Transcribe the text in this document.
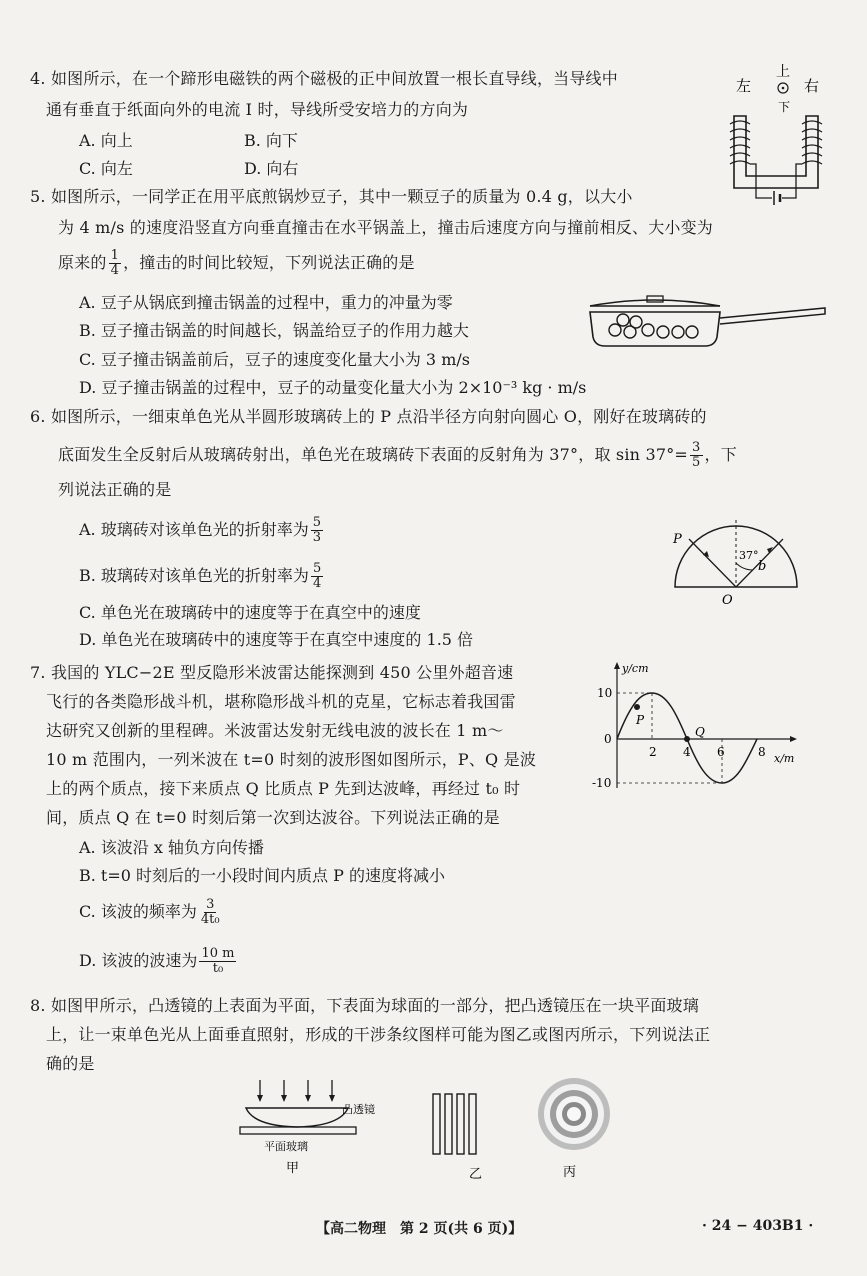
4. 如图所示，在一个蹄形电磁铁的两个磁极的正中间放置一根长直导线，当导线中
通有垂直于纸面向外的电流 I 时，导线所受安培力的方向为
A. 向上	B. 向下
C. 向左	D. 向右
左
上
下
右
5. 如图所示，一同学正在用平底煎锅炒豆子，其中一颗豆子的质量为 0.4 g，以大小
为 4 m/s 的速度沿竖直方向垂直撞击在水平锅盖上，撞击后速度方向与撞前相反、大小变为
原来的 $\frac{1}{4}$ ，撞击的时间比较短，下列说法正确的是
A. 豆子从锅底到撞击锅盖的过程中，重力的冲量为零
B. 豆子撞击锅盖的时间越长，锅盖给豆子的作用力越大
C. 豆子撞击锅盖前后，豆子的速度变化量大小为 3 m/s
D. 豆子撞击锅盖的过程中，豆子的动量变化量大小为 2×10⁻³ kg · m/s
6. 如图所示，一细束单色光从半圆形玻璃砖上的 P 点沿半径方向射向圆心 O，刚好在玻璃砖的
底面发生全反射后从玻璃砖射出，单色光在玻璃砖下表面的反射角为 37°，取 $\sin 37^\circ= \frac{3}{5}$ ，下
列说法正确的是
A. 玻璃砖对该单色光的折射率为 $\frac{5}{3}$
B. 玻璃砖对该单色光的折射率为 $\frac{5}{4}$
C. 单色光在玻璃砖中的速度等于在真空中的速度
D. 单色光在玻璃砖中的速度等于在真空中速度的 1.5 倍
37°
P
b
O
7. 我国的 YLC−2E 型反隐形米波雷达能探测到 450 公里外超音速
飞行的各类隐形战斗机，堪称隐形战斗机的克星，它标志着我国雷
达研究又创新的里程碑。米波雷达发射无线电波的波长在 1 m～
10 m 范围内，一列米波在 t=0 时刻的波形图如图所示，P、Q 是波
上的两个质点，接下来质点 Q 比质点 P 先到达波峰，再经过 t₀ 时
间，质点 Q 在 t=0 时刻后第一次到达波谷。下列说法正确的是
A. 该波沿 x 轴负方向传播
B. t=0 时刻后的一小段时间内质点 P 的速度将减小
C. 该波的频率为 $\frac{3}{\text{4t₀}}$
D. 该波的波速为 $\frac{10 m}{\text{t₀}}$
y/cm
x/m
10
0
-10
2 4 6	8
P
Q
8. 如图甲所示，凸透镜的上表面为平面，下表面为球面的一部分，把凸透镜压在一块平面玻璃
上，让一束单色光从上面垂直照射，形成的干涉条纹图样可能为图乙或图丙所示，下列说法正
确的是
凸透镜
平面玻璃
甲	乙	丙
【高二物理　第 2 页(共 6 页)】	· 24 − 403B1 ·
